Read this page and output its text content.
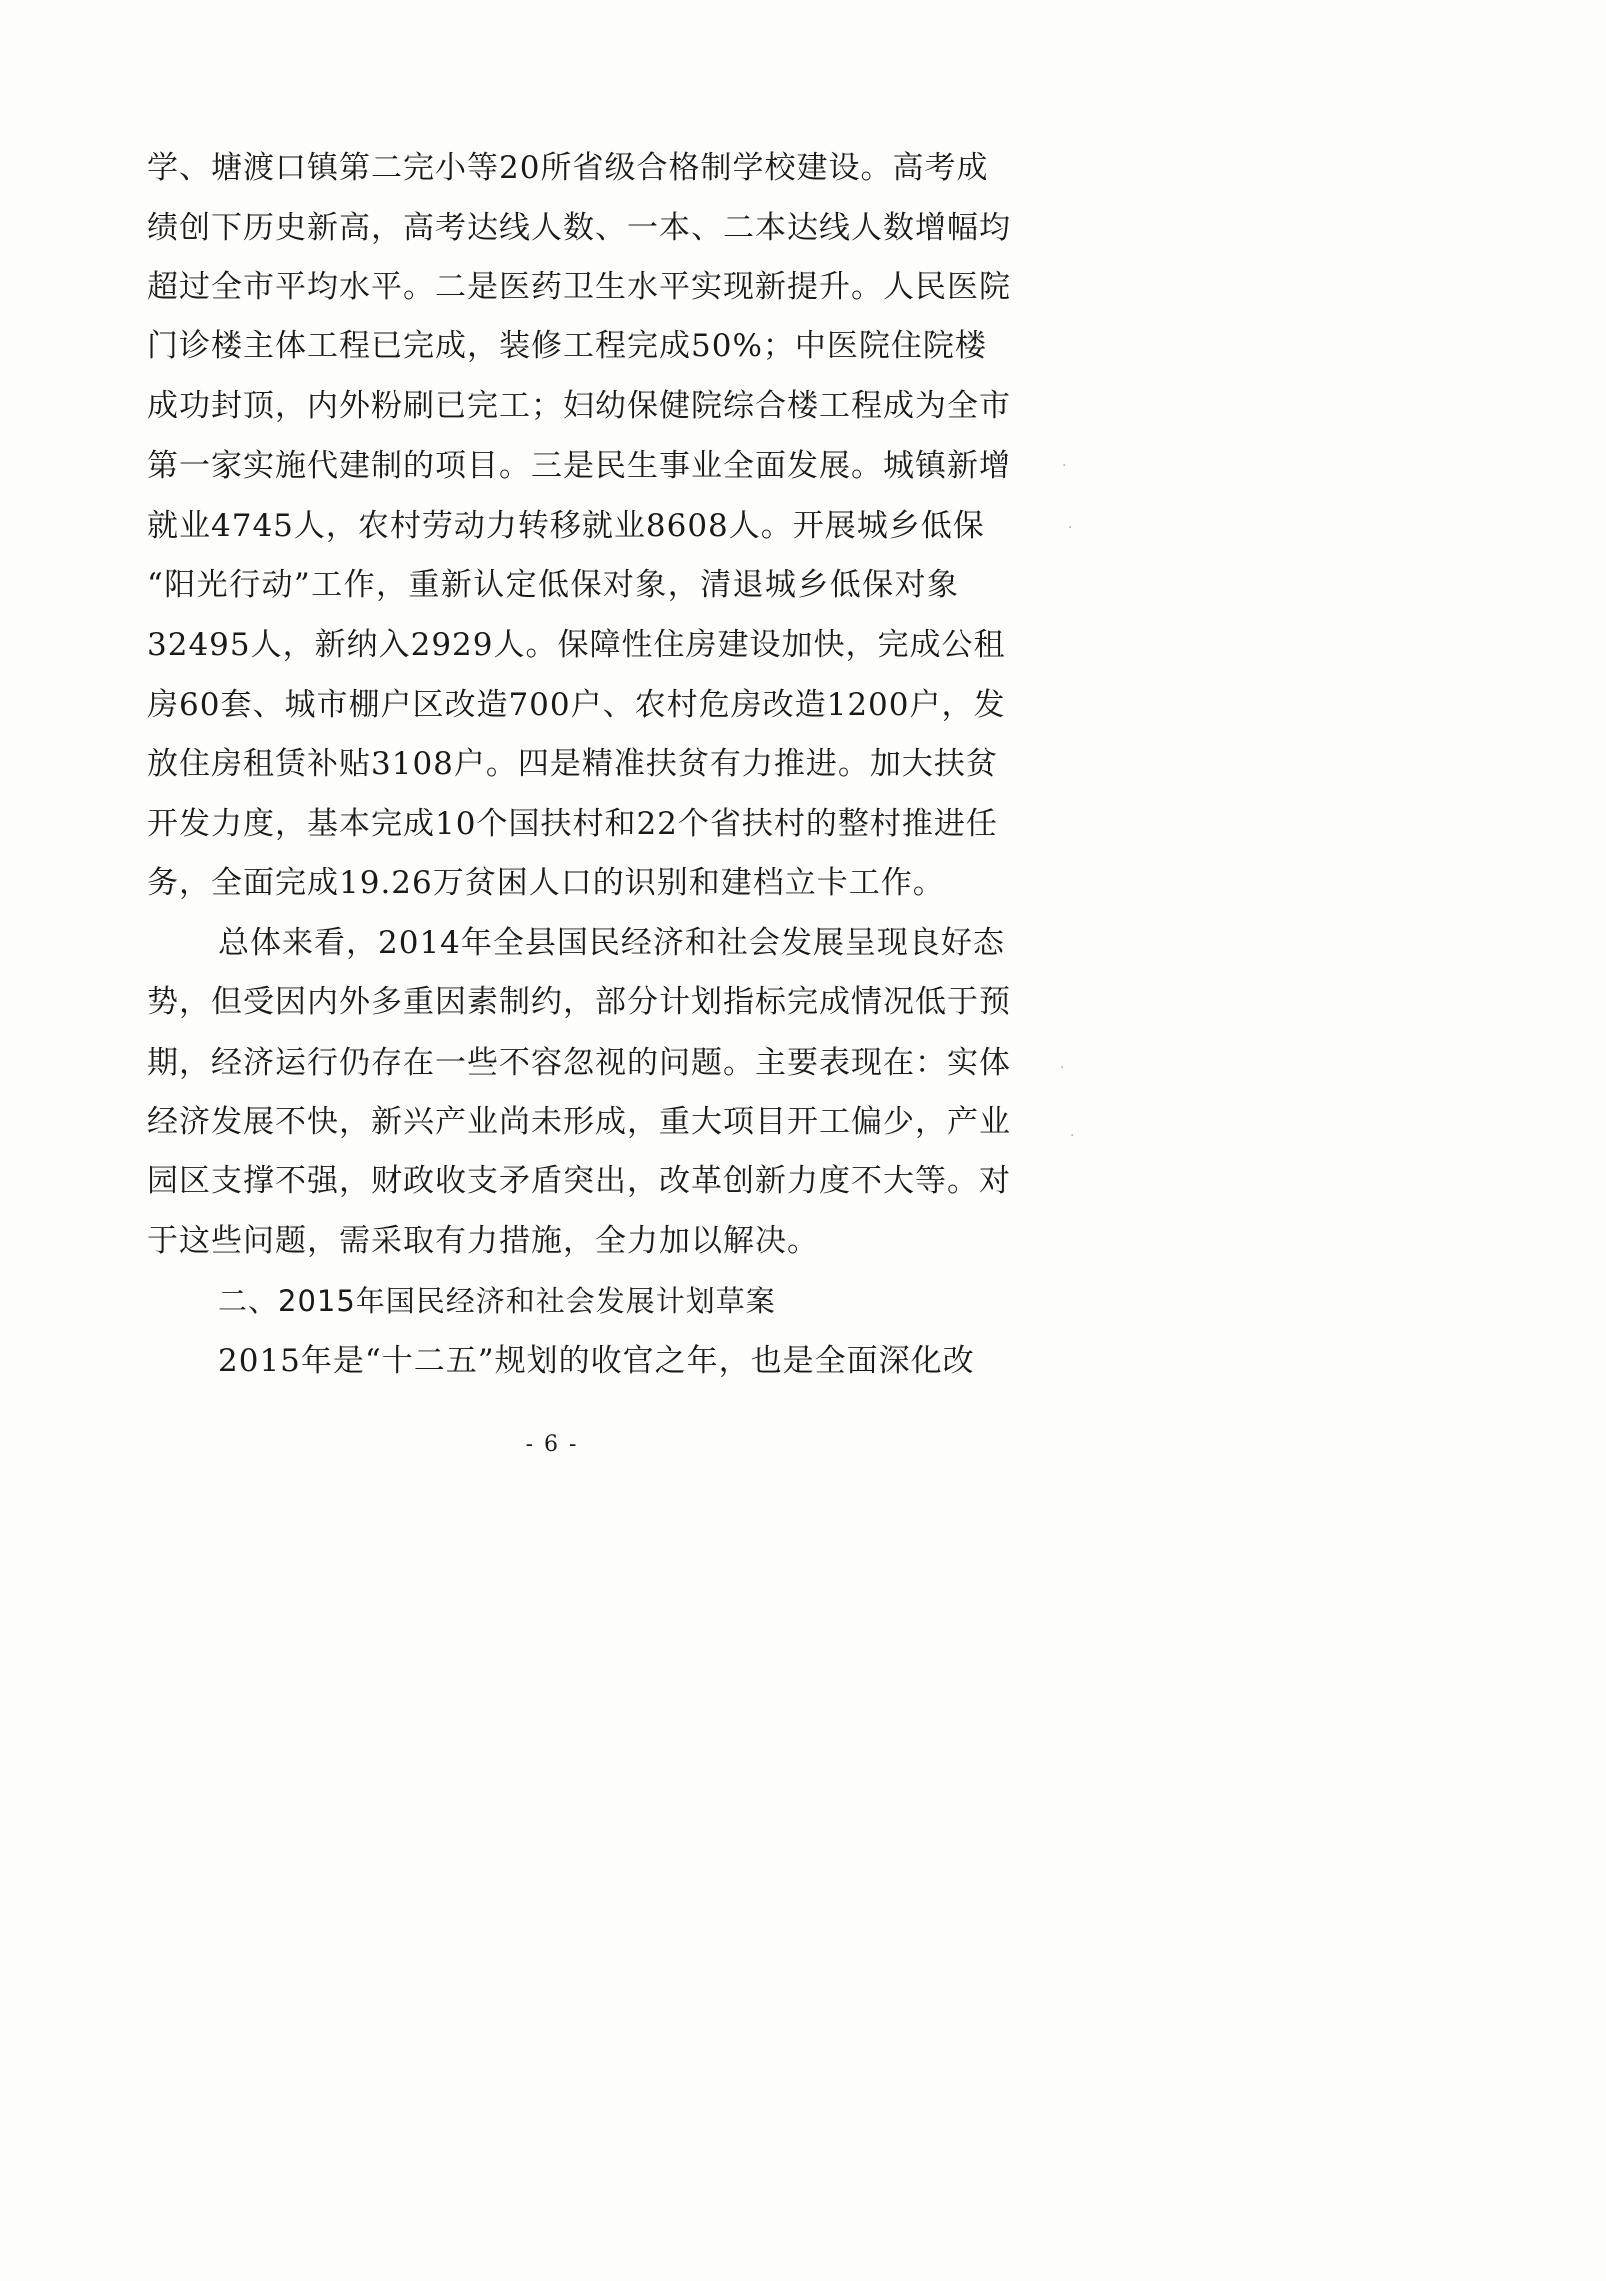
学、塘渡口镇第二完小等20所省级合格制学校建设。高考成
绩创下历史新高，高考达线人数、一本、二本达线人数增幅均
超过全市平均水平。二是医药卫生水平实现新提升。人民医院
门诊楼主体工程已完成，装修工程完成50%；中医院住院楼
成功封顶，内外粉刷已完工；妇幼保健院综合楼工程成为全市
第一家实施代建制的项目。三是民生事业全面发展。城镇新增
就业4745人，农村劳动力转移就业8608人。开展城乡低保
“阳光行动”工作，重新认定低保对象，清退城乡低保对象
32495人，新纳入2929人。保障性住房建设加快，完成公租
房60套、城市棚户区改造700户、农村危房改造1200户，发
放住房租赁补贴3108户。四是精准扶贫有力推进。加大扶贫
开发力度，基本完成10个国扶村和22个省扶村的整村推进任
务，全面完成19.26万贫困人口的识别和建档立卡工作。
总体来看，2014年全县国民经济和社会发展呈现良好态
势，但受因内外多重因素制约，部分计划指标完成情况低于预
期，经济运行仍存在一些不容忽视的问题。主要表现在：实体
经济发展不快，新兴产业尚未形成，重大项目开工偏少，产业
园区支撑不强，财政收支矛盾突出，改革创新力度不大等。对
于这些问题，需采取有力措施，全力加以解决。
二、2015年国民经济和社会发展计划草案
2015年是“十二五”规划的收官之年，也是全面深化改
- 6 -
·
·
·
·
